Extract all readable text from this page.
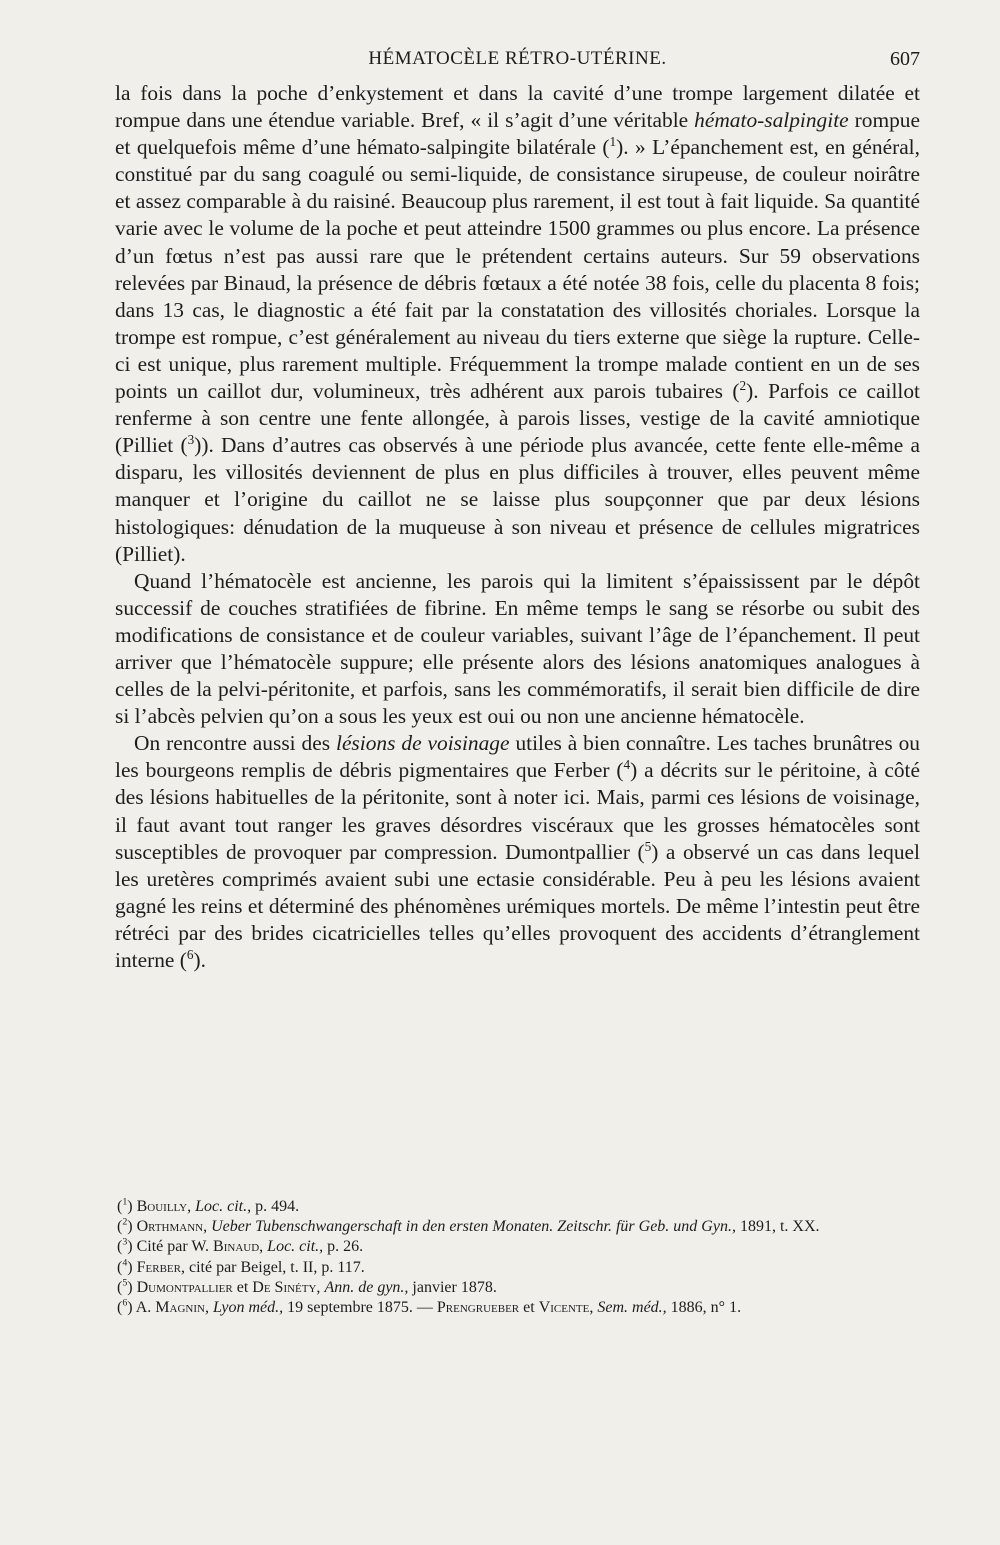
HÉMATOCÈLE RÉTRO-UTÉRINE.	607

la fois dans la poche d’enkystement et dans la cavité d’une trompe largement dilatée et rompue dans une étendue variable. Bref, « il s’agit d’une véritable hémato-salpingite rompue et quelquefois même d’une hémato-salpingite bilatérale ($^1$). » L’épanchement est, en général, constitué par du sang coagulé ou semi-liquide, de consistance sirupeuse, de couleur noirâtre et assez comparable à du raisiné. Beaucoup plus rarement, il est tout à fait liquide. Sa quantité varie avec le volume de la poche et peut atteindre 1500 grammes ou plus encore. La présence d’un fœtus n’est pas aussi rare que le prétendent certains auteurs. Sur 59 observations relevées par Binaud, la présence de débris fœtaux a été notée 38 fois, celle du placenta 8 fois; dans 13 cas, le diagnostic a été fait par la constatation des villosités choriales. Lorsque la trompe est rompue, c’est généralement au niveau du tiers externe que siège la rupture. Celle-ci est unique, plus rarement multiple. Fréquemment la trompe malade contient en un de ses points un caillot dur, volumineux, très adhérent aux parois tubaires ($^2$). Parfois ce caillot renferme à son centre une fente allongée, à parois lisses, vestige de la cavité amniotique (Pilliet ($^3$)). Dans d’autres cas observés à une période plus avancée, cette fente elle-même a disparu, les villosités deviennent de plus en plus difficiles à trouver, elles peuvent même manquer et l’origine du caillot ne se laisse plus soupçonner que par deux lésions histologiques: dénudation de la muqueuse à son niveau et présence de cellules migratrices (Pilliet).

Quand l’hématocèle est ancienne, les parois qui la limitent s’épaississent par le dépôt successif de couches stratifiées de fibrine. En même temps le sang se résorbe ou subit des modifications de consistance et de couleur variables, suivant l’âge de l’épanchement. Il peut arriver que l’hématocèle suppure; elle présente alors des lésions anatomiques analogues à celles de la pelvi-péritonite, et parfois, sans les commémoratifs, il serait bien difficile de dire si l’abcès pelvien qu’on a sous les yeux est oui ou non une ancienne hématocèle.

On rencontre aussi des lésions de voisinage utiles à bien connaître. Les taches brunâtres ou les bourgeons remplis de débris pigmentaires que Ferber ($^4$) a décrits sur le péritoine, à côté des lésions habituelles de la péritonite, sont à noter ici. Mais, parmi ces lésions de voisinage, il faut avant tout ranger les graves désordres viscéraux que les grosses hématocèles sont susceptibles de provoquer par compression. Dumontpallier ($^5$) a observé un cas dans lequel les uretères comprimés avaient subi une ectasie considérable. Peu à peu les lésions avaient gagné les reins et déterminé des phénomènes urémiques mortels. De même l’intestin peut être rétréci par des brides cicatricielles telles qu’elles provoquent des accidents d’étranglement interne ($^6$).

($^1$) Bouilly, Loc. cit., p. 494.

($^2$) Orthmann, Ueber Tubenschwangerschaft in den ersten Monaten. Zeitschr. für Geb. und Gyn., 1891, t. XX.

($^3$) Cité par W. Binaud, Loc. cit., p. 26.

($^4$) Ferber, cité par Beigel, t. II, p. 117.

($^5$) Dumontpallier et De Sinéty, Ann. de gyn., janvier 1878.

($^6$) A. Magnin, Lyon méd., 19 septembre 1875. — Prengrueber et Vicente, Sem. méd., 1886, n° 1.
